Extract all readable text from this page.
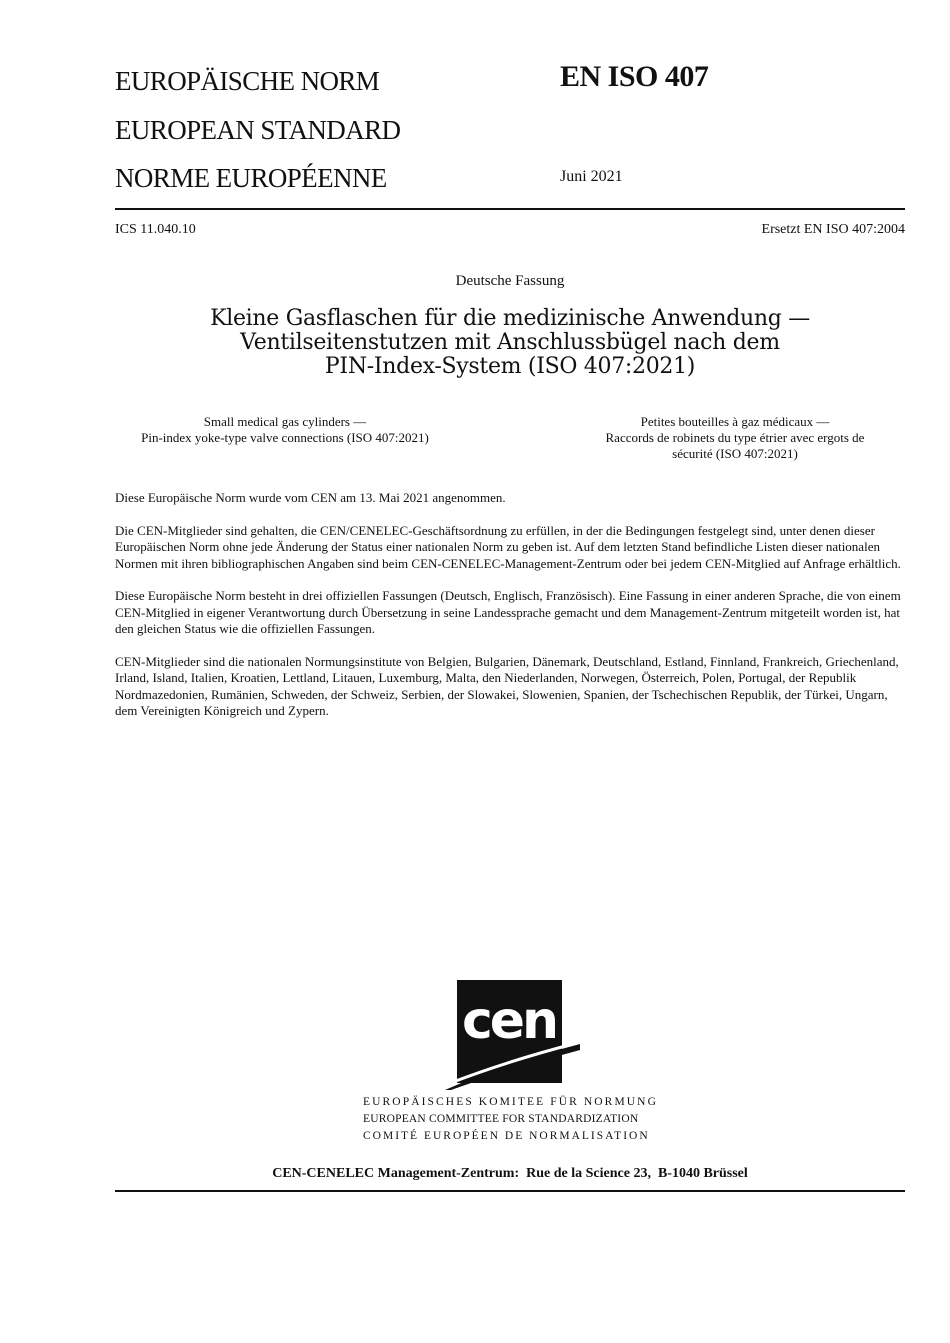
EUROPÄISCHE NORM
EUROPEAN STANDARD
NORME EUROPÉENNE
EN ISO 407
Juni 2021
ICS 11.040.10	Ersetzt EN ISO 407:2004
Deutsche Fassung
Kleine Gasflaschen für die medizinische Anwendung —
Ventilseitenstutzen mit Anschlussbügel nach dem
PIN-Index-System (ISO 407:2021)
Small medical gas cylinders —
Pin-index yoke-type valve connections (ISO 407:2021)
Petites bouteilles à gaz médicaux —
Raccords de robinets du type étrier avec ergots de
sécurité (ISO 407:2021)

Diese Europäische Norm wurde vom CEN am 13. Mai 2021 angenommen.

Die CEN-Mitglieder sind gehalten, die CEN/CENELEC-Geschäftsordnung zu erfüllen, in der die Bedingungen festgelegt sind, unter denen dieser Europäischen Norm ohne jede Änderung der Status einer nationalen Norm zu geben ist. Auf dem letzten Stand befindliche Listen dieser nationalen Normen mit ihren bibliographischen Angaben sind beim CEN-CENELEC-Management-Zentrum oder bei jedem CEN-Mitglied auf Anfrage erhältlich.

Diese Europäische Norm besteht in drei offiziellen Fassungen (Deutsch, Englisch, Französisch). Eine Fassung in einer anderen Sprache, die von einem CEN-Mitglied in eigener Verantwortung durch Übersetzung in seine Landessprache gemacht und dem Management-Zentrum mitgeteilt worden ist, hat den gleichen Status wie die offiziellen Fassungen.

CEN-Mitglieder sind die nationalen Normungsinstitute von Belgien, Bulgarien, Dänemark, Deutschland, Estland, Finnland, Frankreich, Griechenland, Irland, Island, Italien, Kroatien, Lettland, Litauen, Luxemburg, Malta, den Niederlanden, Norwegen, Österreich, Polen, Portugal, der Republik Nordmazedonien, Rumänien, Schweden, der Schweiz, Serbien, der Slowakei, Slowenien, Spanien, der Tschechischen Republik, der Türkei, Ungarn, dem Vereinigten Königreich und Zypern.

cen
EUROPÄISCHES KOMITEE FÜR NORMUNG
EUROPEAN COMMITTEE FOR STANDARDIZATION
COMITÉ EUROPÉEN DE NORMALISATION
CEN-CENELEC Management-Zentrum:  Rue de la Science 23,  B-1040 Brüssel
